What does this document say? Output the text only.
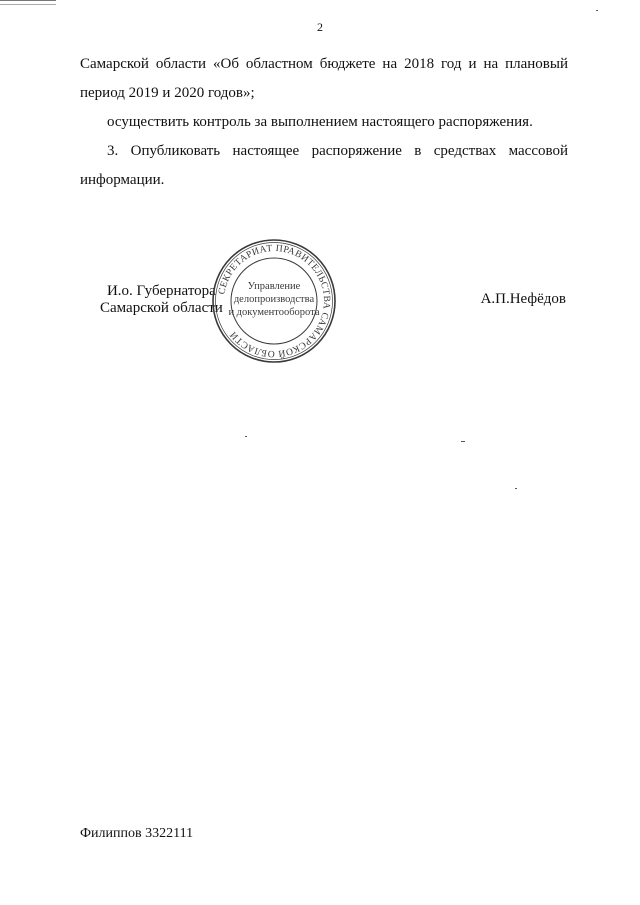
2

Самарской области «Об областном бюджете на 2018 год и на плановый период 2019 и 2020 годов»;

осуществить контроль за выполнением настоящего распоряжения.

3. Опубликовать настоящее распоряжение в средствах массовой информации.

И.о. Губернатора
Самарской области
СЕКРЕТАРИАТ ПРАВИТЕЛЬСТВА САМАРСКОЙ ОБЛАСТИ
Управление
делопроизводства
и документооборота
А.П.Нефёдов
Филиппов 3322111
